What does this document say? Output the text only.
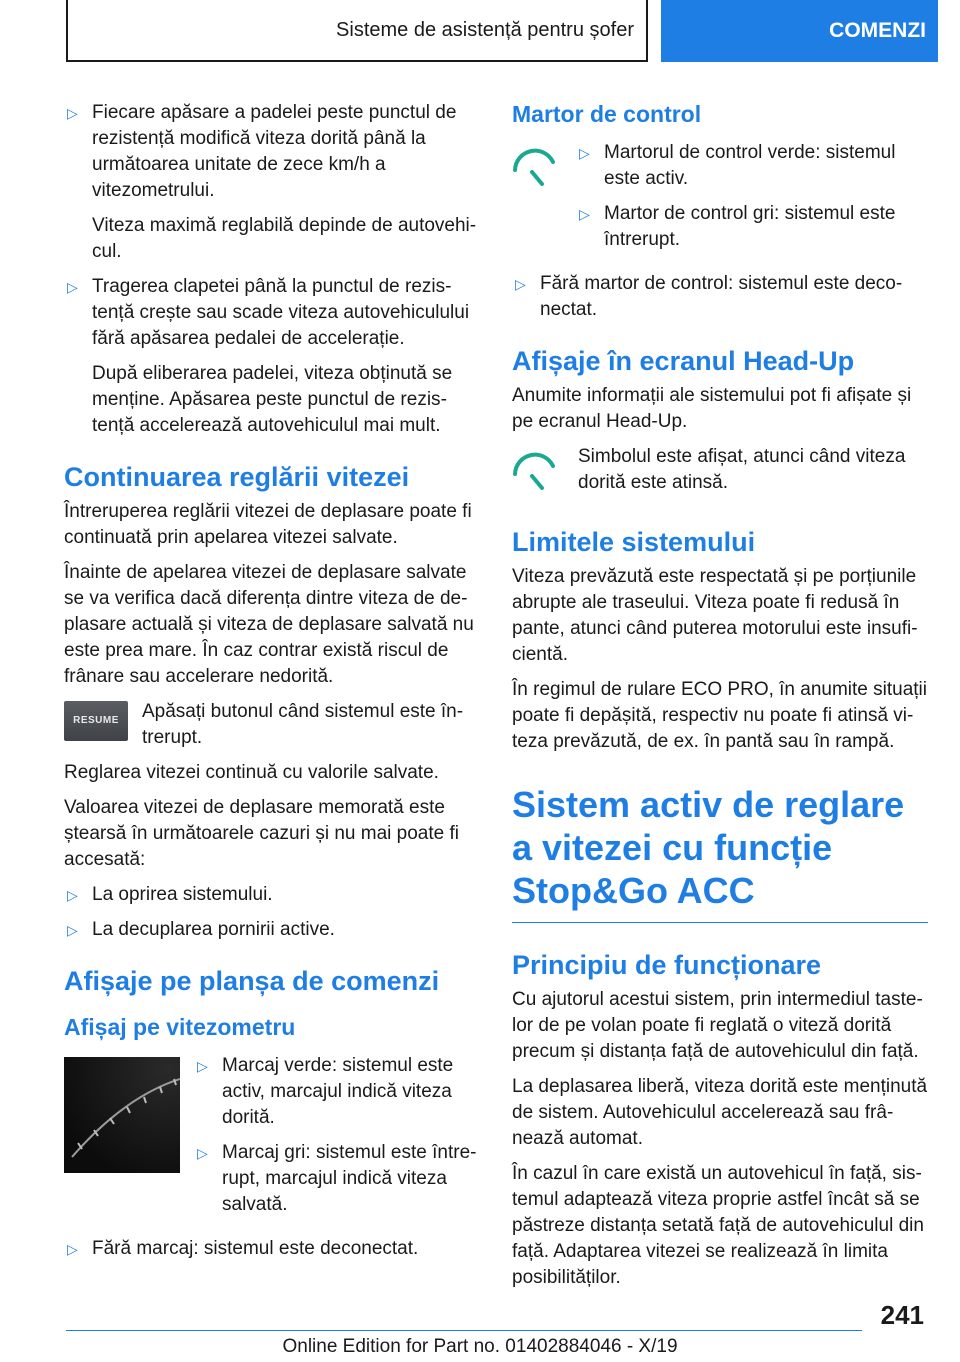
Sisteme de asistență pentru șofer	COMENZI
▷ Fiecare apăsare a padelei peste punctul de rezistență modifică viteza dorită până la următoarea unitate de zece km/h a vitezometrului.
Viteza maximă reglabilă depinde de autovehicul.
▷ Tragerea clapetei până la punctul de rezistență crește sau scade viteza autovehiculului fără apăsarea pedalei de accelerație.
După eliberarea padelei, viteza obținută se menține. Apăsarea peste punctul de rezistență accelerează autovehiculul mai mult.
Continuarea reglării vitezei

Întreruperea reglării vitezei de deplasare poate fi continuată prin apelarea vitezei salvate.

Înainte de apelarea vitezei de deplasare salvate se va verifica dacă diferența dintre viteza de deplasare actuală și viteza de deplasare salvată nu este prea mare. În caz contrar există riscul de frânare sau accelerare nedorită.

RESUME	Apăsați butonul când sistemul este întrerupt.

Reglarea vitezei continuă cu valorile salvate.

Valoarea vitezei de deplasare memorată este ștearsă în următoarele cazuri și nu mai poate fi accesată:

▷ La oprirea sistemului.
▷ La decuplarea pornirii active.
Afișaje pe planșa de comenzi
Afișaj pe vitezometru
▷ Marcaj verde: sistemul este activ, marcajul indică viteza dorită.
▷ Marcaj gri: sistemul este întrerupt, marcajul indică viteza salvată.
▷ Fără marcaj: sistemul este deconectat.
Martor de control
▷ Martorul de control verde: sistemul este activ.
▷ Martor de control gri: sistemul este întrerupt.
▷ Fără martor de control: sistemul este deconectat.
Afișaje în ecranul Head-Up

Anumite informații ale sistemului pot fi afișate și pe ecranul Head-Up.

Simbolul este afișat, atunci când viteza dorită este atinsă.
Limitele sistemului

Viteza prevăzută este respectată și pe porțiunile abrupte ale traseului. Viteza poate fi redusă în pante, atunci când puterea motorului este insuficientă.

În regimul de rulare ECO PRO, în anumite situații poate fi depășită, respectiv nu poate fi atinsă viteza prevăzută, de ex. în pantă sau în rampă.

Sistem activ de reglare a vitezei cu funcție Stop&Go ACC
Principiu de funcționare

Cu ajutorul acestui sistem, prin intermediul tastelor de pe volan poate fi reglată o viteză dorită precum și distanța față de autovehiculul din față.

La deplasarea liberă, viteza dorită este menținută de sistem. Autovehiculul accelerează sau frânează automat.

În cazul în care există un autovehicul în față, sistemul adaptează viteza proprie astfel încât să se păstreze distanța setată față de autovehiculul din față. Adaptarea vitezei se realizează în limita posibilităților.

241
Online Edition for Part no. 01402884046 - X/19
